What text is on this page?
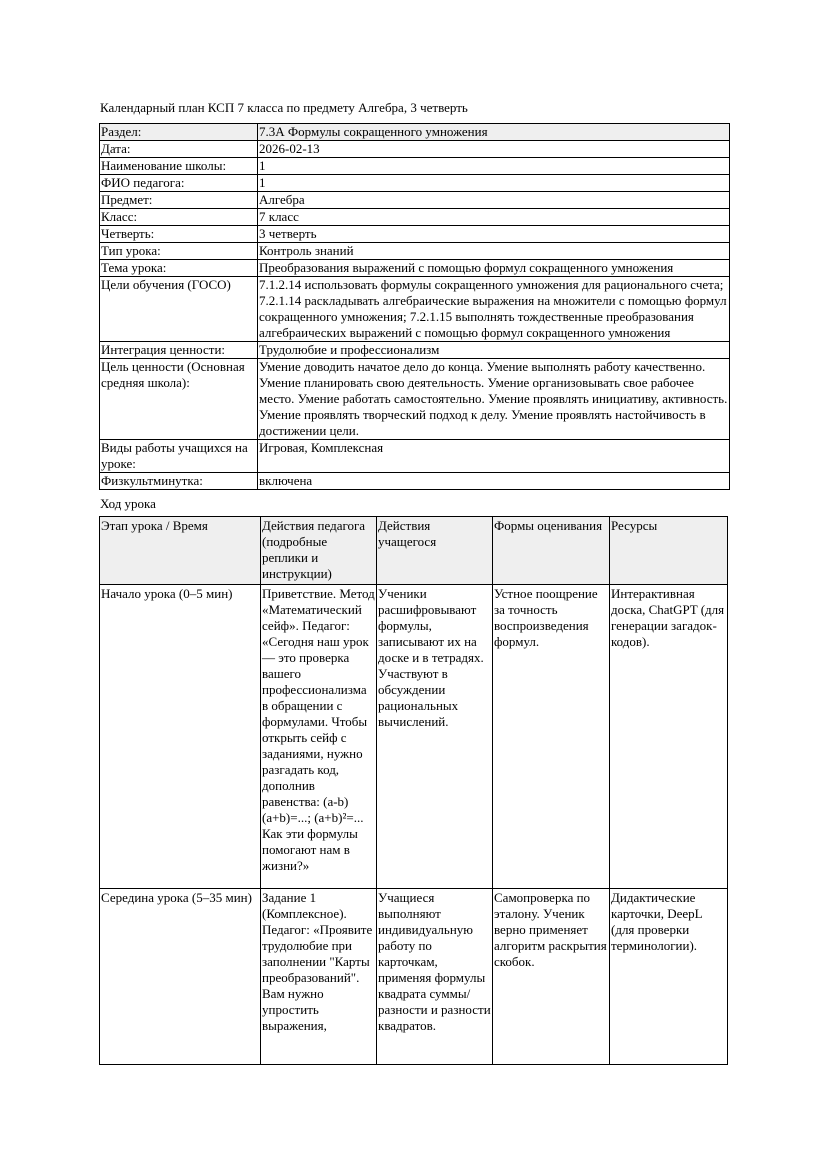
Календарный план КСП 7 класса по предмету Алгебра, 3 четверть
Раздел:	7.3А Формулы сокращенного умножения
Дата:	2026-02-13
Наименование школы:	1
ФИО педагога:	1
Предмет:	Алгебра
Класс:	7 класс
Четверть:	3 четверть
Тип урока:	Контроль знаний
Тема урока:	Преобразования выражений с помощью формул сокращенного умножения
Цели обучения (ГОСО)	7.1.2.14 использовать формулы сокращенного умножения для рационального счета; 7.2.1.14 раскладывать алгебраические выражения на множители с помощью формул сокращенного умножения; 7.2.1.15 выполнять тождественные преобразования алгебраических выражений с помощью формул сокращенного умножения
Интеграция ценности:	Трудолюбие и профессионализм
Цель ценности (Основная средняя школа):	Умение доводить начатое дело до конца. Умение выполнять работу качественно. Умение планировать свою деятельность. Умение организовывать свое рабочее место. Умение работать самостоятельно. Умение проявлять инициативу, активность. Умение проявлять творческий подход к делу. Умение проявлять настойчивость в достижении цели.
Виды работы учащихся на уроке:	Игровая, Комплексная
Физкультминутка:	включена
Ход урока
Этап урока / Время	Действия педагога (подробные реплики и инструкции)	Действия учащегося	Формы оценивания	Ресурсы
Начало урока (0–5 мин)	Приветствие. Метод «Математический сейф». Педагог: «Сегодня наш урок — это проверка вашего профессионализма в обращении с формулами. Чтобы открыть сейф с заданиями, нужно разгадать код, дополнив равенства: (a-b)(a+b)=...; (a+b)²=... Как эти формулы помогают нам в жизни?»	Ученики расшифровывают формулы, записывают их на доске и в тетрадях. Участвуют в обсуждении рациональных вычислений.	Устное поощрение за точность воспроизведения формул.	Интерактивная доска, ChatGPT (для генерации загадок-кодов).
Середина урока (5–35 мин)	Задание 1 (Комплексное). Педагог: «Проявите трудолюбие при заполнении "Карты преобразований". Вам нужно упростить выражения,	Учащиеся выполняют индивидуальную работу по карточкам, применяя формулы квадрата суммы/разности и разности квадратов.	Самопроверка по эталону. Ученик верно применяет алгоритм раскрытия скобок.	Дидактические карточки, DeepL (для проверки терминологии).
